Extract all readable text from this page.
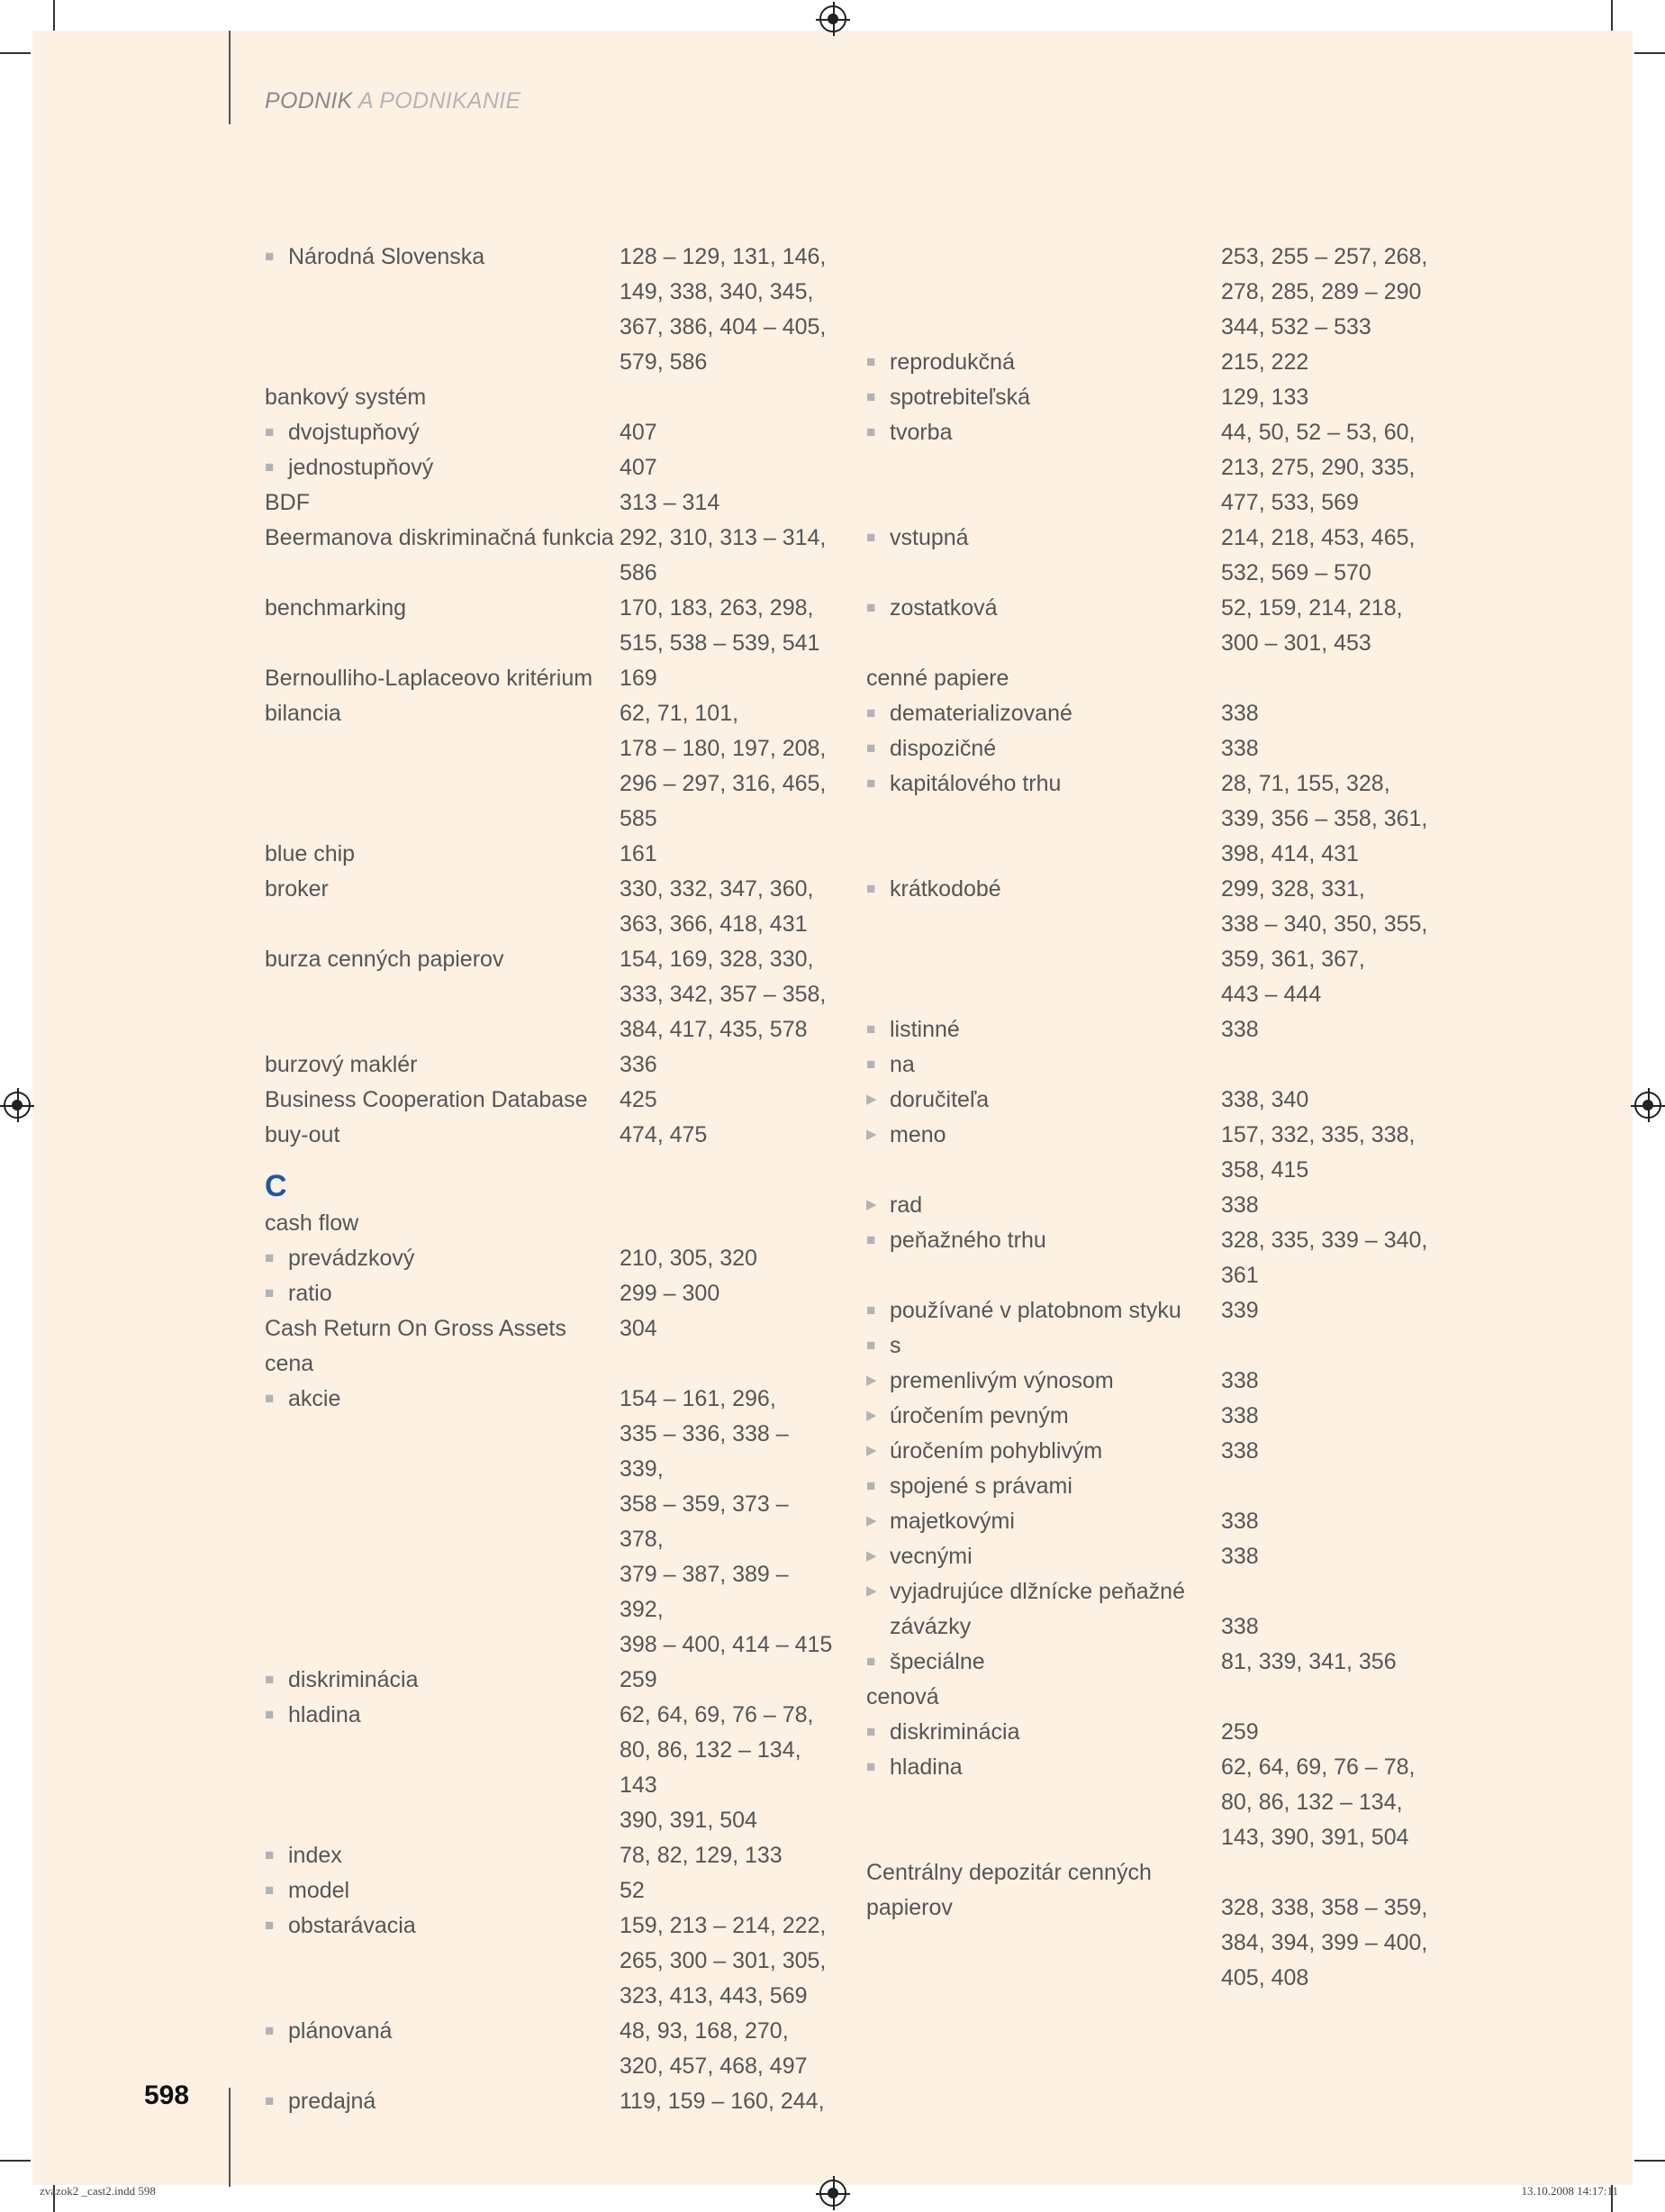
PODNIK A PODNIKANIE
■ Národná Slovenska	128 – 129, 131, 146,
149, 338, 340, 345,
367, 386, 404 – 405,
579, 586
bankový systém
■ dvojstupňový	407
■ jednostupňový	407
BDF	313 – 314
Beermanova diskriminačná funkcia 292, 310, 313 – 314,
586
benchmarking	170, 183, 263, 298,
515, 538 – 539, 541
Bernoulliho-Laplaceovo kritérium 169
bilancia	62, 71, 101,
178 – 180, 197, 208,
296 – 297, 316, 465,
585
blue chip	161
broker	330, 332, 347, 360,
363, 366, 418, 431
burza cenných papierov	154, 169, 328, 330,
333, 342, 357 – 358,
384, 417, 435, 578
burzový maklér	336
Business Cooperation Database 425
buy-out	474, 475
C
cash flow
■ prevádzkový	210, 305, 320
■ ratio	299 – 300
Cash Return On Gross Assets 304
cena
■ akcie	154 – 161, 296,
335 – 336, 338 – 339,
358 – 359, 373 – 378,
379 – 387, 389 – 392,
398 – 400, 414 – 415
■ diskriminácia	259
■ hladina	62, 64, 69, 76 – 78,
80, 86, 132 – 134, 143
390, 391, 504
■ index	78, 82, 129, 133
■ model	52
■ obstarávacia	159, 213 – 214, 222,
265, 300 – 301, 305,
323, 413, 443, 569
■ plánovaná	48, 93, 168, 270,
320, 457, 468, 497
■ predajná	119, 159 – 160, 244,
253, 255 – 257, 268,
278, 285, 289 – 290
344, 532 – 533
■ reprodukčná	215, 222
■ spotrebiteľská	129, 133
■ tvorba	44, 50, 52 – 53, 60,
213, 275, 290, 335,
477, 533, 569
■ vstupná	214, 218, 453, 465,
532, 569 – 570
■ zostatková	52, 159, 214, 218,
300 – 301, 453
cenné papiere
■ dematerializované	338
■ dispozičné	338
■ kapitálového trhu	28, 71, 155, 328,
339, 356 – 358, 361,
398, 414, 431
■ krátkodobé	299, 328, 331,
338 – 340, 350, 355,
359, 361, 367,
443 – 444
■ listinné	338
■ na
▶ doručiteľa	338, 340
▶ meno	157, 332, 335, 338,
358, 415
▶ rad	338
■ peňažného trhu	328, 335, 339 – 340,
361
■ používané v platobnom styku 339
■ s
▶ premenlivým výnosom	338
▶ úročením pevným	338
▶ úročením pohyblivým	338
■ spojené s právami
▶ majetkovými	338
▶ vecnými	338
▶ vyjadrujúce dlžnícke peňažné
závázky	
338
■ špeciálne	81, 339, 341, 356
cenová
■ diskriminácia	259
■ hladina	62, 64, 69, 76 – 78,
80, 86, 132 – 134,
143, 390, 391, 504
Centrálny depozitár cenných
papierov	
328, 338, 358 – 359,
384, 394, 399 – 400,
405, 408
598
zvazok2 _cast2.indd 598	13.10.2008 14:17:11
